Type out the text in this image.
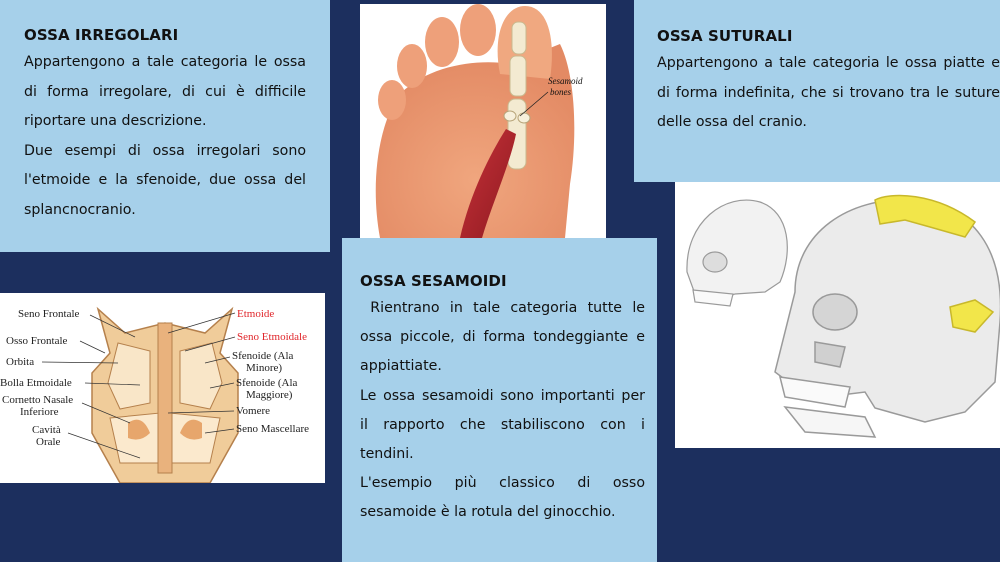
OSSA IRREGOLARI

Appartengono a tale categoria le ossa di forma irregolare, di cui è difficile riportare una descrizione.

Due esempi di ossa irregolari sono l'etmoide e la sfenoide, due ossa del splancnocranio.

Sesamoid
bones
OSSA SUTURALI

Appartengono a tale categoria le ossa piatte e di forma indefinita, che si trovano tra le suture delle ossa del cranio.

Seno Frontale
Osso Frontale
Orbita
Bolla Etmoidale
Cornetto Nasale
Inferiore
Cavità
Orale
Etmoide
Seno Etmoidale
Sfenoide (Ala
Minore)
Sfenoide (Ala
Maggiore)
Vomere
Seno Mascellare
OSSA SESAMOIDI

Rientrano in tale categoria tutte le ossa piccole, di forma tondeggiante e appiattiate.

Le ossa sesamoidi sono importanti per il rapporto che stabiliscono con i tendini.

L'esempio più classico di osso sesamoide è la rotula del ginocchio.
